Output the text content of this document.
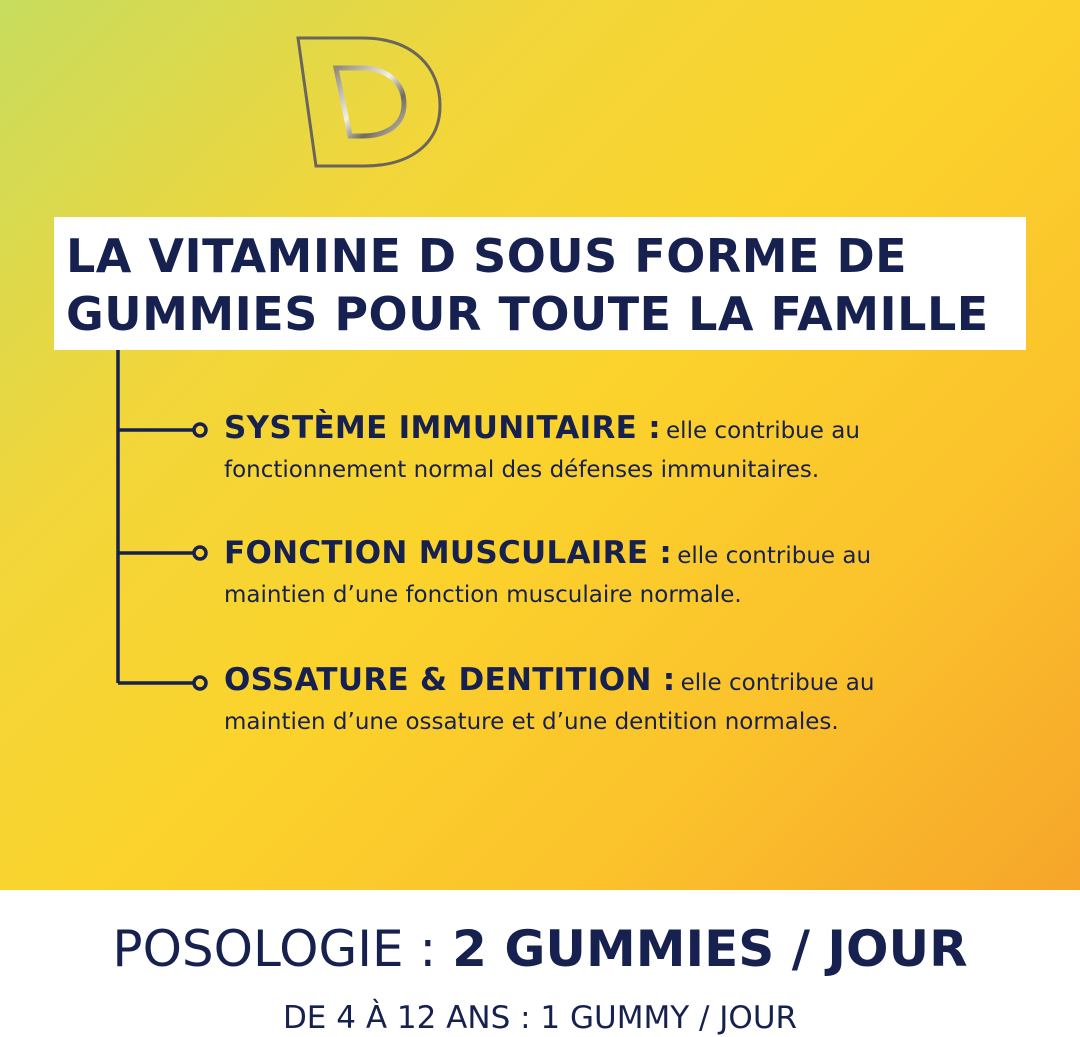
LA VITAMINE D SOUS FORME DE
GUMMIES POUR TOUTE LA FAMILLE
SYSTÈME IMMUNITAIRE : elle contribue au
fonctionnement normal des défenses immunitaires.
FONCTION MUSCULAIRE : elle contribue au
maintien d’une fonction musculaire normale.
OSSATURE & DENTITION : elle contribue au
maintien d’une ossature et d’une dentition normales.
POSOLOGIE : 2 GUMMIES / JOUR
DE 4 À 12 ANS : 1 GUMMY / JOUR
